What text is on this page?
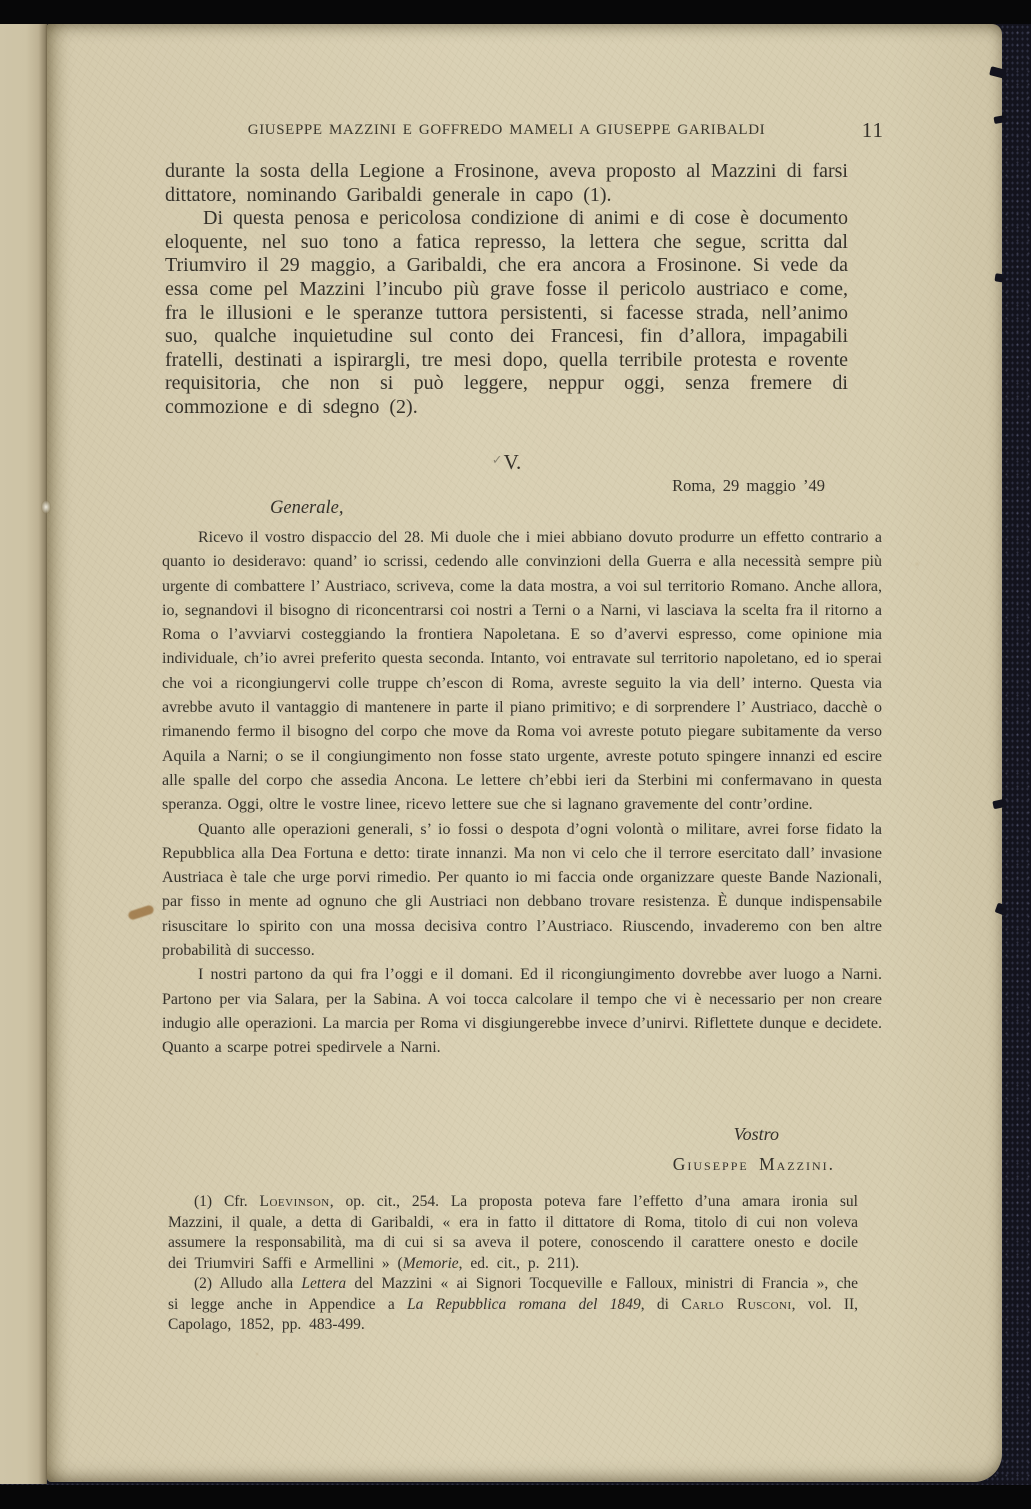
GIUSEPPE MAZZINI E GOFFREDO MAMELI A GIUSEPPE GARIBALDI	11

durante la sosta della Legione a Frosinone, aveva proposto al Mazzini di farsi dittatore, nominando Garibaldi generale in capo (1).

Di questa penosa e pericolosa condizione di animi e di cose è documento eloquente, nel suo tono a fatica represso, la lettera che segue, scritta dal Triumviro il 29 maggio, a Garibaldi, che era ancora a Frosinone. Si vede da essa come pel Mazzini l’incubo più grave fosse il pericolo austriaco e come, fra le illusioni e le speranze tuttora persistenti, si facesse strada, nell’animo suo, qualche inquietudine sul conto dei Francesi, fin d’allora, impagabili fratelli, destinati a ispirargli, tre mesi dopo, quella terribile protesta e rovente requisitoria, che non si può leggere, neppur oggi, senza fremere di commozione e di sdegno (2).

✓V.
Roma, 29 maggio ’49
Generale,

Ricevo il vostro dispaccio del 28. Mi duole che i miei abbiano dovuto produrre un effetto contrario a quanto io desideravo: quand’ io scrissi, cedendo alle convinzioni della Guerra e alla necessità sempre più urgente di combattere l’ Austriaco, scriveva, come la data mostra, a voi sul territorio Romano. Anche allora, io, segnandovi il bisogno di riconcentrarsi coi nostri a Terni o a Narni, vi lasciava la scelta fra il ritorno a Roma o l’avviarvi costeggiando la frontiera Napoletana. E so d’avervi espresso, come opinione mia individuale, ch’io avrei preferito questa seconda. Intanto, voi entravate sul territorio napoletano, ed io sperai che voi a ricongiungervi colle truppe ch’escon di Roma, avreste seguito la via dell’ interno. Questa via avrebbe avuto il vantaggio di mantenere in parte il piano primitivo; e di sorprendere l’ Austriaco, dacchè o rimanendo fermo il bisogno del corpo che move da Roma voi avreste potuto piegare subitamente da verso Aquila a Narni; o se il congiungimento non fosse stato urgente, avreste potuto spingere innanzi ed escire alle spalle del corpo che assedia Ancona. Le lettere ch’ebbi ieri da Sterbini mi confermavano in questa speranza. Oggi, oltre le vostre linee, ricevo lettere sue che si lagnano gravemente del contr’ordine.

Quanto alle operazioni generali, s’ io fossi o despota d’ogni volontà o militare, avrei forse fidato la Repubblica alla Dea Fortuna e detto: tirate innanzi. Ma non vi celo che il terrore esercitato dall’ invasione Austriaca è tale che urge porvi rimedio. Per quanto io mi faccia onde organizzare queste Bande Nazionali, par fisso in mente ad ognuno che gli Austriaci non debbano trovare resistenza. È dunque indispensabile risuscitare lo spirito con una mossa decisiva contro l’Austriaco. Riuscendo, invaderemo con ben altre probabilità di successo.

I nostri partono da qui fra l’oggi e il domani. Ed il ricongiungimento dovrebbe aver luogo a Narni. Partono per via Salara, per la Sabina. A voi tocca calcolare il tempo che vi è necessario per non creare indugio alle operazioni. La marcia per Roma vi disgiungerebbe invece d’unirvi. Riflettete dunque e decidete. Quanto a scarpe potrei spedirvele a Narni.

Vostro
Giuseppe Mazzini.

(1) Cfr. Loevinson, op. cit., 254. La proposta poteva fare l’effetto d’una amara ironia sul Mazzini, il quale, a detta di Garibaldi, « era in fatto il dittatore di Roma, titolo di cui non voleva assumere la responsabilità, ma di cui si sa aveva il potere, conoscendo il carattere onesto e docile dei Triumviri Saffi e Armellini » (Memorie, ed. cit., p. 211).

(2) Alludo alla Lettera del Mazzini « ai Signori Tocqueville e Falloux, ministri di Francia », che si legge anche in Appendice a La Repubblica romana del 1849, di Carlo Rusconi, vol. II, Capolago, 1852, pp. 483-499.
